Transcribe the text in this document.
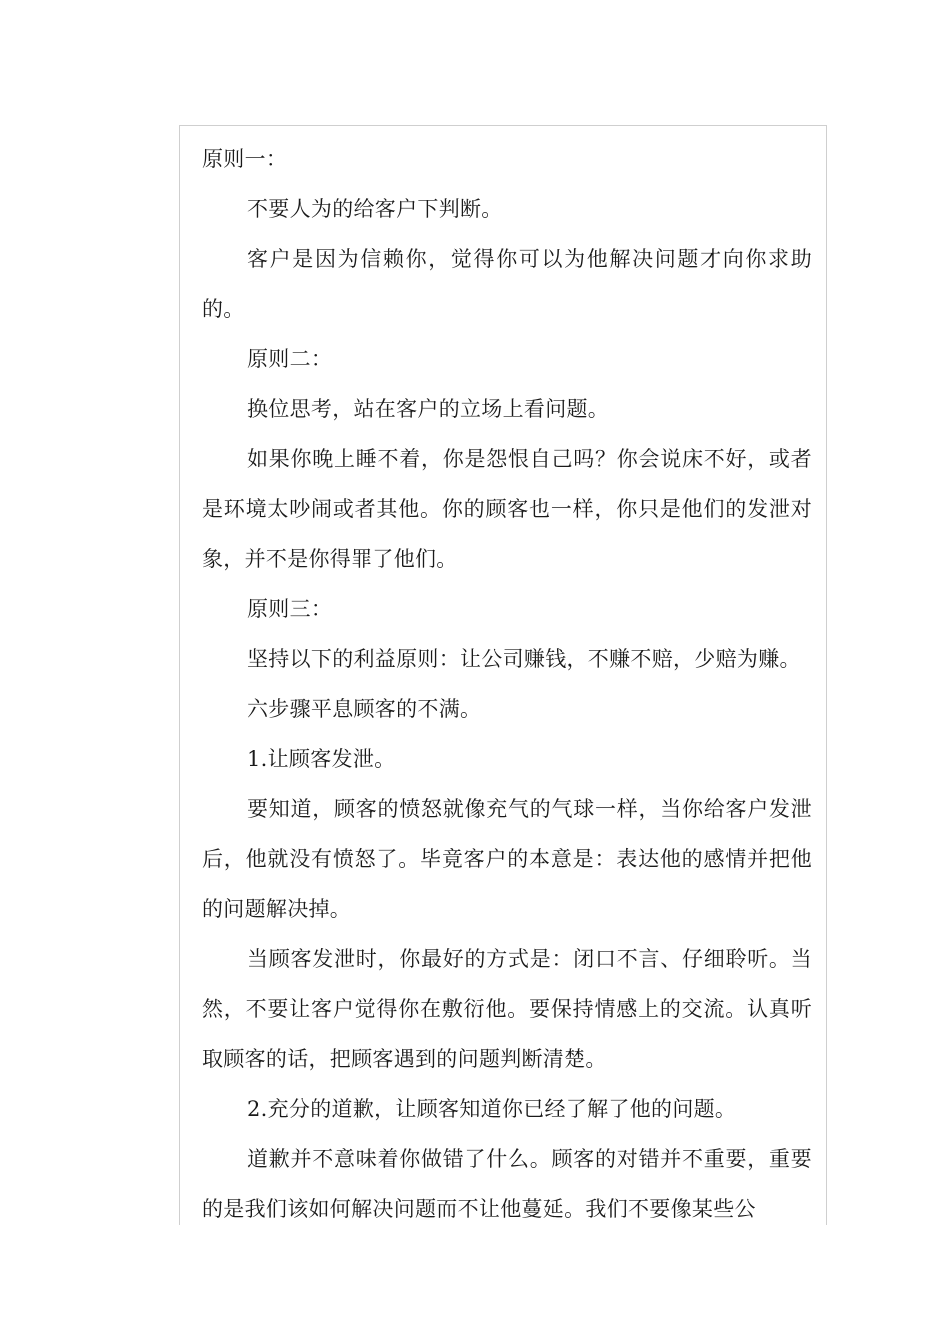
原则一：

不要人为的给客户下判断。

客户是因为信赖你，觉得你可以为他解决问题才向你求助的。

原则二：

换位思考，站在客户的立场上看问题。

如果你晚上睡不着，你是怨恨自己吗？你会说床不好，或者是环境太吵闹或者其他。你的顾客也一样，你只是他们的发泄对象，并不是你得罪了他们。

原则三：

坚持以下的利益原则：让公司赚钱，不赚不赔，少赔为赚。

六步骤平息顾客的不满。

1.让顾客发泄。

要知道，顾客的愤怒就像充气的气球一样，当你给客户发泄后，他就没有愤怒了。毕竟客户的本意是：表达他的感情并把他的问题解决掉。

当顾客发泄时，你最好的方式是：闭口不言、仔细聆听。当然，不要让客户觉得你在敷衍他。要保持情感上的交流。认真听取顾客的话，把顾客遇到的问题判断清楚。

2.充分的道歉，让顾客知道你已经了解了他的问题。

道歉并不意味着你做错了什么。顾客的对错并不重要，重要的是我们该如何解决问题而不让他蔓延。我们不要像某些公
